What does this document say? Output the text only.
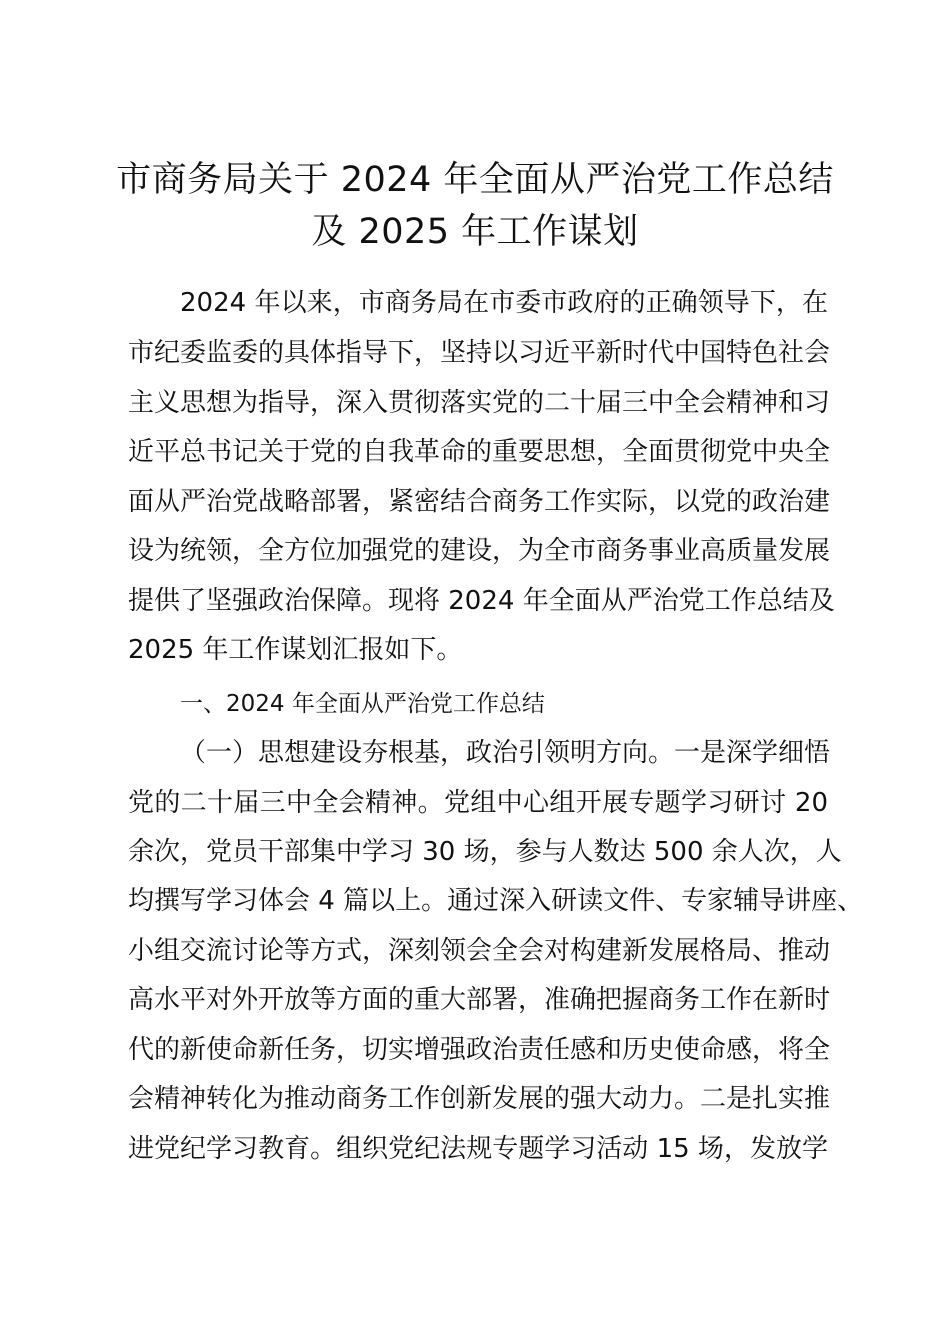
市商务局关于 2024 年全面从严治党工作总结
及 2025 年工作谋划
2024 年以来，市商务局在市委市政府的正确领导下，在
市纪委监委的具体指导下，坚持以习近平新时代中国特色社会
主义思想为指导，深入贯彻落实党的二十届三中全会精神和习
近平总书记关于党的自我革命的重要思想，全面贯彻党中央全
面从严治党战略部署，紧密结合商务工作实际，以党的政治建
设为统领，全方位加强党的建设，为全市商务事业高质量发展
提供了坚强政治保障。现将 2024 年全面从严治党工作总结及
2025 年工作谋划汇报如下。
一、2024 年全面从严治党工作总结
（一）思想建设夯根基，政治引领明方向。一是深学细悟
党的二十届三中全会精神。党组中心组开展专题学习研讨 20
余次，党员干部集中学习 30 场，参与人数达 500 余人次，人
均撰写学习体会 4 篇以上。通过深入研读文件、专家辅导讲座、
小组交流讨论等方式，深刻领会全会对构建新发展格局、推动
高水平对外开放等方面的重大部署，准确把握商务工作在新时
代的新使命新任务，切实增强政治责任感和历史使命感，将全
会精神转化为推动商务工作创新发展的强大动力。二是扎实推
进党纪学习教育。组织党纪法规专题学习活动 15 场，发放学
